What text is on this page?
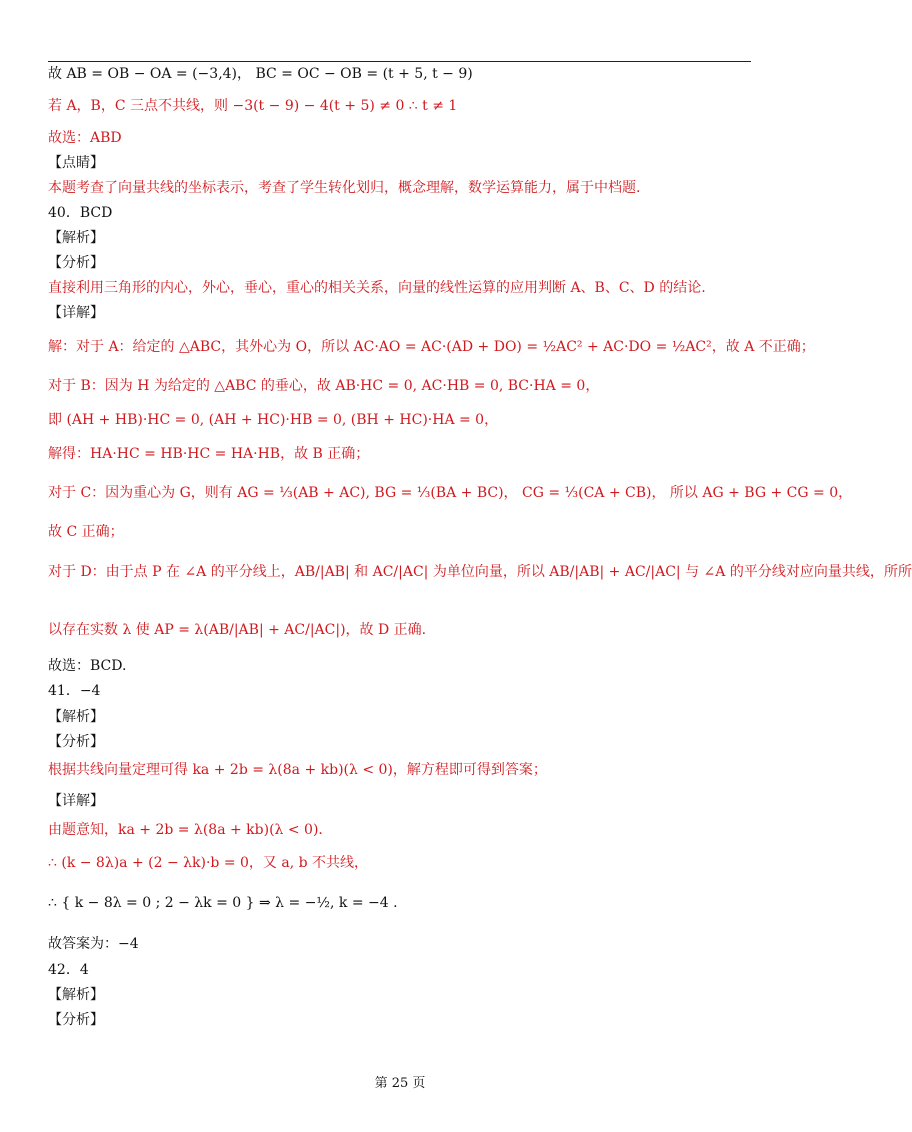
故 AB = OB − OA = (−3,4)， BC = OC − OB = (t + 5, t − 9)
若 A，B，C 三点不共线，则 −3(t − 9) − 4(t + 5) ≠ 0 ∴ t ≠ 1
故选：ABD
【点睛】
本题考查了向量共线的坐标表示，考查了学生转化划归，概念理解，数学运算能力，属于中档题.
40．BCD
【解析】
【分析】
直接利用三角形的内心，外心，垂心，重心的相关关系，向量的线性运算的应用判断 A、B、C、D 的结论.
【详解】
解：对于 A：给定的 △ABC，其外心为 O，所以 AC·AO = AC·(AD + DO) = ½AC² + AC·DO = ½AC²，故 A 不正确；
对于 B：因为 H 为给定的 △ABC 的垂心，故 AB·HC = 0, AC·HB = 0, BC·HA = 0，
即 (AH + HB)·HC = 0, (AH + HC)·HB = 0, (BH + HC)·HA = 0，
解得：HA·HC = HB·HC = HA·HB，故 B 正确；
对于 C：因为重心为 G，则有 AG = ⅓(AB + AC), BG = ⅓(BA + BC)， CG = ⅓(CA + CB)， 所以 AG + BG + CG = 0，
故 C 正确；
对于 D：由于点 P 在 ∠A 的平分线上，AB/|AB| 和 AC/|AC| 为单位向量，所以 AB/|AB| + AC/|AC| 与 ∠A 的平分线对应向量共线，所所
以存在实数 λ 使 AP = λ(AB/|AB| + AC/|AC|)，故 D 正确.
故选：BCD.
41．−4
【解析】
【分析】
根据共线向量定理可得 ka + 2b = λ(8a + kb)(λ < 0)，解方程即可得到答案；
【详解】
由题意知，ka + 2b = λ(8a + kb)(λ < 0)．
∴ (k − 8λ)a + (2 − λk)·b = 0，又 a, b 不共线，
∴ { k − 8λ = 0 ; 2 − λk = 0 } ⇒ λ = −½, k = −4 .
故答案为：−4
42．4
【解析】
【分析】
第 25 页
